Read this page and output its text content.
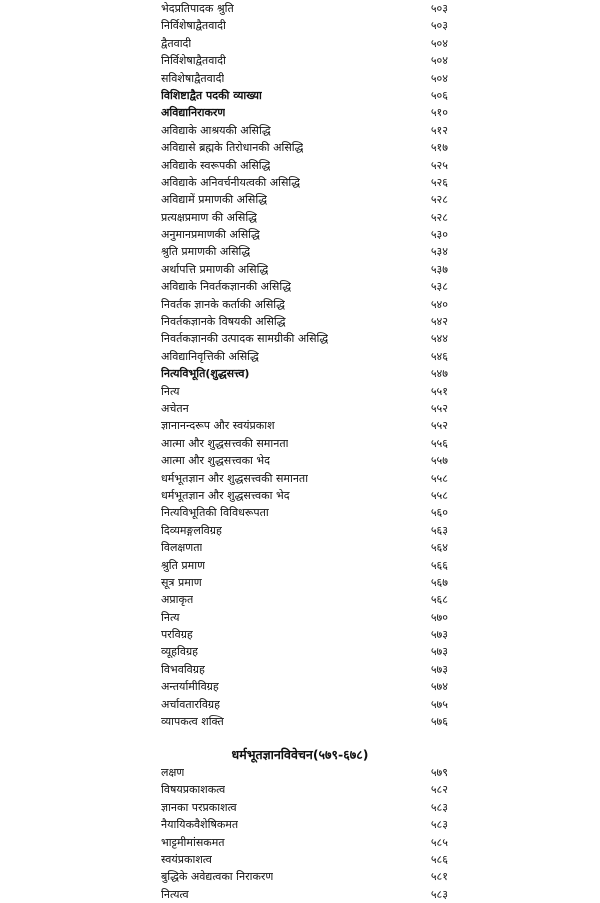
भेदप्रतिपादक श्रुति	५०३
निर्विशेषाद्वैतवादी	५०३
द्वैतवादी	५०४
निर्विशेषाद्वैतवादी	५०४
सविशेषाद्वैतवादी	५०४
विशिष्टाद्वैत पदकी व्याख्या	५०६
अविद्यानिराकरण	५१०
अविद्याके आश्रयकी असिद्धि	५१२
अविद्यासे ब्रह्मके तिरोधानकी असिद्धि	५१७
अविद्याके स्वरूपकी असिद्धि	५२५
अविद्याके अनिवर्चनीयत्वकी असिद्धि	५२६
अविद्यामें प्रमाणकी असिद्धि	५२८
प्रत्यक्षप्रमाण की असिद्धि	५२८
अनुमानप्रमाणकी असिद्धि	५३०
श्रुति प्रमाणकी असिद्धि	५३४
अर्थापत्ति प्रमाणकी असिद्धि	५३७
अविद्याके निवर्तकज्ञानकी असिद्धि	५३८
निवर्तक ज्ञानके कर्ताकी असिद्धि	५४०
निवर्तकज्ञानके विषयकी असिद्धि	५४२
निवर्तकज्ञानकी उत्पादक सामग्रीकी असिद्धि	५४४
अविद्यानिवृत्तिकी असिद्धि	५४६
नित्यविभूति(शुद्धसत्त्व)	५४७
नित्य	५५१
अचेतन	५५२
ज्ञानानन्दरूप और स्वयंप्रकाश	५५२
आत्मा और शुद्धसत्त्वकी समानता	५५६
आत्मा और शुद्धसत्त्वका भेद	५५७
धर्मभूतज्ञान और शुद्धसत्त्वकी समानता	५५८
धर्मभूतज्ञान और शुद्धसत्त्वका भेद	५५८
नित्यविभूतिकी विविधरूपता	५६०
दिव्यमङ्गलविग्रह	५६३
विलक्षणता	५६४
श्रुति प्रमाण	५६६
सूत्र प्रमाण	५६७
अप्राकृत	५६८
नित्य	५७०
परविग्रह	५७३
व्यूहविग्रह	५७३
विभवविग्रह	५७३
अन्तर्यामीविग्रह	५७४
अर्चावतारविग्रह	५७५
व्यापकत्व शक्ति	५७६
धर्मभूतज्ञानविवेचन(५७९-६७८)
लक्षण	५७९
विषयप्रकाशकत्व	५८२
ज्ञानका परप्रकाशत्व	५८३
नैयायिकवैशेषिकमत	५८३
भाट्टमीमांसकमत	५८५
स्वयंप्रकाशत्व	५८६
बुद्धिके अवेद्यत्वका निराकरण	५८१
नित्यत्व	५८३
